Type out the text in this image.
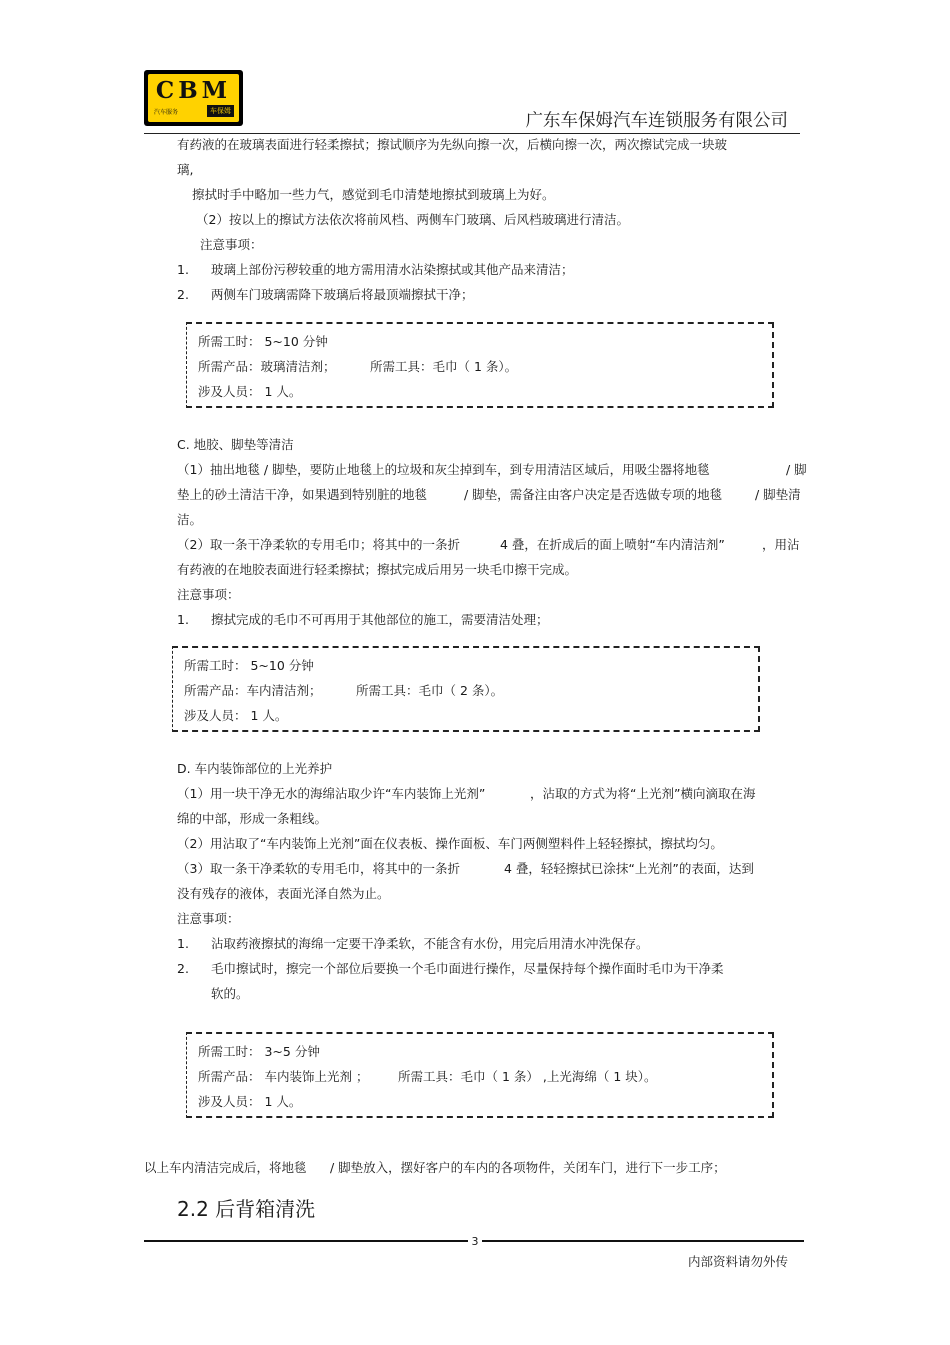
CBM
汽车服务	车保姆	广东车保姆汽车连锁服务有限公司
有药液的在玻璃表面进行轻柔擦拭；擦试顺序为先纵向擦一次，后横向擦一次，两次擦试完成一块玻
璃,
擦拭时手中略加一些力气，感觉到毛巾清楚地擦拭到玻璃上为好。
（2）按以上的擦试方法依次将前风档、两侧车门玻璃、后风档玻璃进行清洁。
注意事项：
1. 玻璃上部份污秽较重的地方需用清水沾染擦拭或其他产品来清洁；
2. 两侧车门玻璃需降下玻璃后将最顶端擦拭干净；
所需工时： 5~10 分钟
所需产品：玻璃清洁剂；	所需工具：毛巾（ 1 条）。
涉及人员： 1 人。
C. 地胶、脚垫等清洁
（1）抽出地毯 / 脚垫，要防止地毯上的垃圾和灰尘掉到车，到专用清洁区域后，用吸尘器将地毯	/ 脚
垫上的砂土清洁干净，如果遇到特别脏的地毯	/ 脚垫，需备注由客户决定是否选做专项的地毯	/ 脚垫清
洁。
（2）取一条干净柔软的专用毛巾；将其中的一条折	4 叠，在折成后的面上喷射“车内清洁剂”	，用沾
有药液的在地胶表面进行轻柔擦拭；擦拭完成后用另一块毛巾擦干完成。
注意事项：
1. 擦拭完成的毛巾不可再用于其他部位的施工，需要清洁处理；
所需工时： 5~10 分钟
所需产品：车内清洁剂；	所需工具：毛巾（ 2 条）。
涉及人员： 1 人。
D. 车内装饰部位的上光养护
（1）用一块干净无水的海绵沾取少许“车内装饰上光剂”	，沾取的方式为将“上光剂”横向滴取在海
绵的中部，形成一条粗线。
（2）用沾取了“车内装饰上光剂”面在仪表板、操作面板、车门两侧塑料件上轻轻擦拭，擦拭均匀。
（3）取一条干净柔软的专用毛巾，将其中的一条折	4 叠，轻轻擦拭已涂抹“上光剂”的表面，达到
没有残存的液体，表面光泽自然为止。
注意事项：
1. 沾取药液擦拭的海绵一定要干净柔软，不能含有水份，用完后用清水冲洗保存。
2. 毛巾擦试时，擦完一个部位后要换一个毛巾面进行操作，尽量保持每个操作面时毛巾为干净柔
软的。
所需工时： 3~5 分钟
所需产品： 车内装饰上光剂 ； 所需工具：毛巾（ 1 条） ,上光海绵（ 1 块）。
涉及人员： 1 人。
以上车内清洁完成后，将地毯 / 脚垫放入，摆好客户的车内的各项物件，关闭车门，进行下一步工序；
2.2 后背箱清洗
3
内部资料请勿外传
